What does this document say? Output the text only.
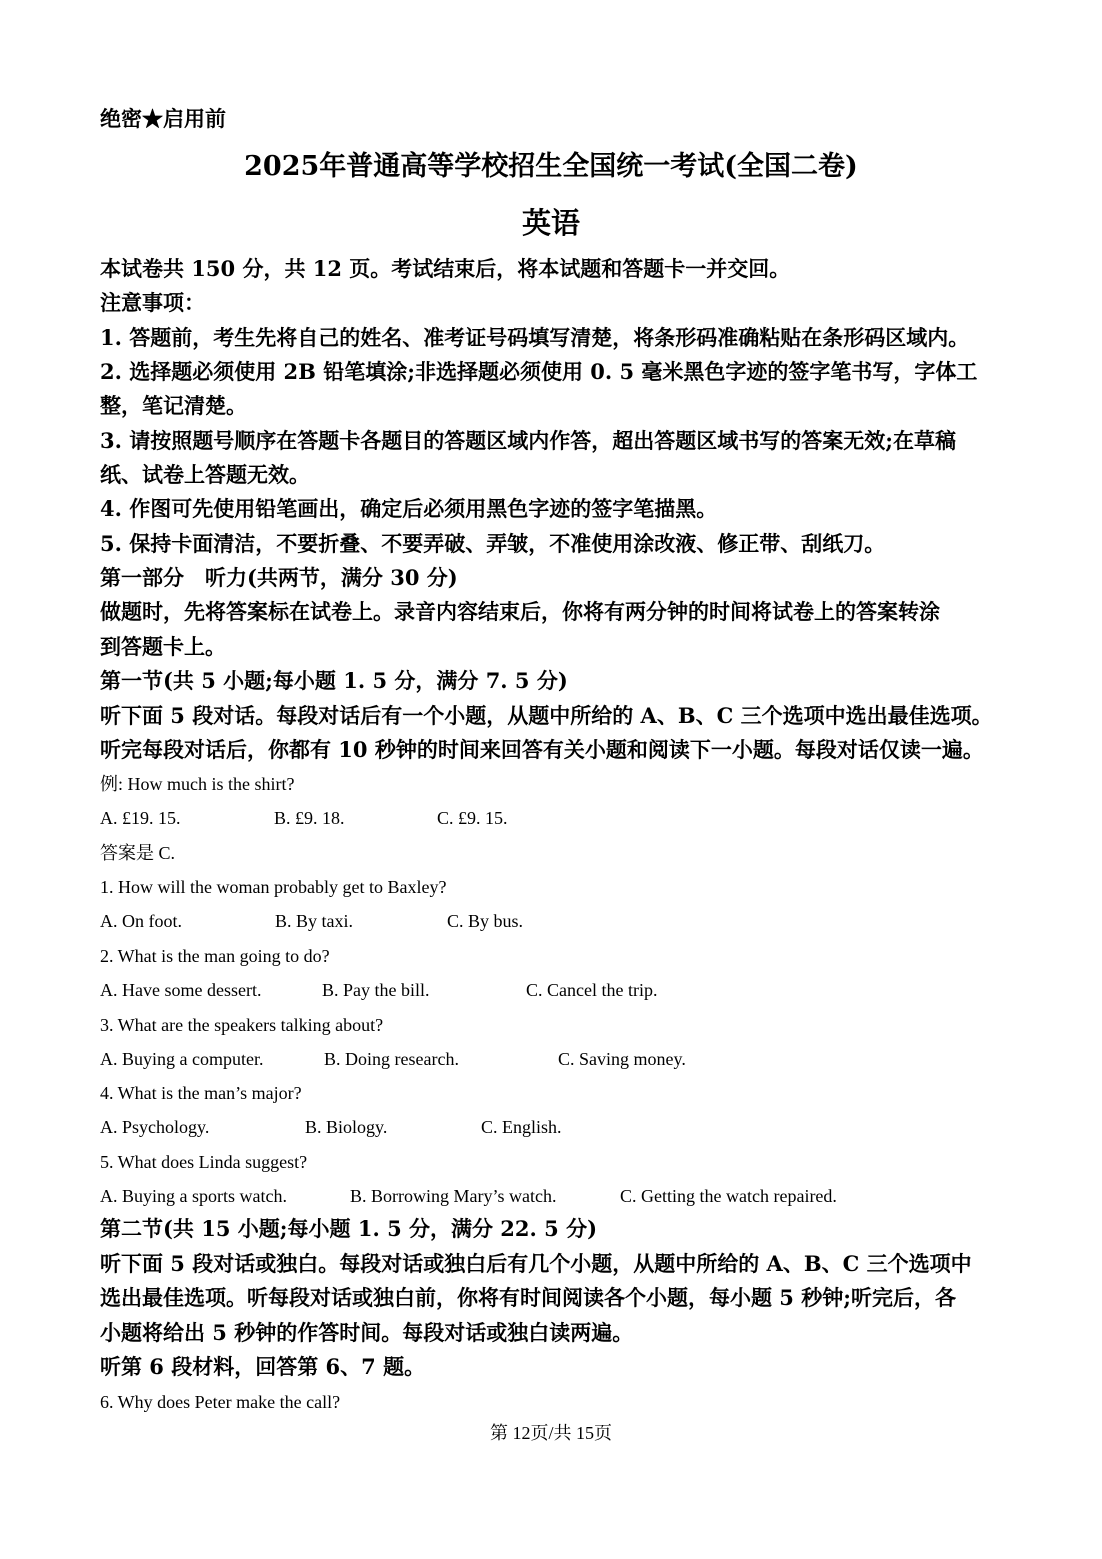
绝密★启用前
2025年普通高等学校招生全国统一考试(全国二卷)
英语
本试卷共 150 分，共 12 页。考试结束后，将本试题和答题卡一并交回。
注意事项：
1. 答题前，考生先将自己的姓名、准考证号码填写清楚，将条形码准确粘贴在条形码区域内。
2. 选择题必须使用 2B 铅笔填涂;非选择题必须使用 0. 5 毫米黑色字迹的签字笔书写，字体工
整，笔记清楚。
3. 请按照题号顺序在答题卡各题目的答题区域内作答，超出答题区域书写的答案无效;在草稿
纸、试卷上答题无效。
4. 作图可先使用铅笔画出，确定后必须用黑色字迹的签字笔描黑。
5. 保持卡面清洁，不要折叠、不要弄破、弄皱，不准使用涂改液、修正带、刮纸刀。
第一部分　听力(共两节，满分 30 分)
做题时，先将答案标在试卷上。录音内容结束后，你将有两分钟的时间将试卷上的答案转涂
到答题卡上。
第一节(共 5 小题;每小题 1. 5 分，满分 7. 5 分)
听下面 5 段对话。每段对话后有一个小题，从题中所给的 A、B、C 三个选项中选出最佳选项。
听完每段对话后，你都有 10 秒钟的时间来回答有关小题和阅读下一小题。每段对话仅读一遍。
例: How much is the shirt?
A. £19. 15.	B. £9. 18.	C. £9. 15.
答案是 C.
1. How will the woman probably get to Baxley?
A. On foot.	B. By taxi.	C. By bus.
2. What is the man going to do?
A. Have some dessert.	B. Pay the bill.	C. Cancel the trip.
3. What are the speakers talking about?
A. Buying a computer.	B. Doing research.	C. Saving money.
4. What is the man’s major?
A. Psychology.	B. Biology.	C. English.
5. What does Linda suggest?
A. Buying a sports watch.	B. Borrowing Mary’s watch.	C. Getting the watch repaired.
第二节(共 15 小题;每小题 1. 5 分，满分 22. 5 分)
听下面 5 段对话或独白。每段对话或独白后有几个小题，从题中所给的 A、B、C 三个选项中
选出最佳选项。听每段对话或独白前，你将有时间阅读各个小题，每小题 5 秒钟;听完后，各
小题将给出 5 秒钟的作答时间。每段对话或独白读两遍。
听第 6 段材料，回答第 6、7 题。
6. Why does Peter make the call?
第 12页/共 15页
